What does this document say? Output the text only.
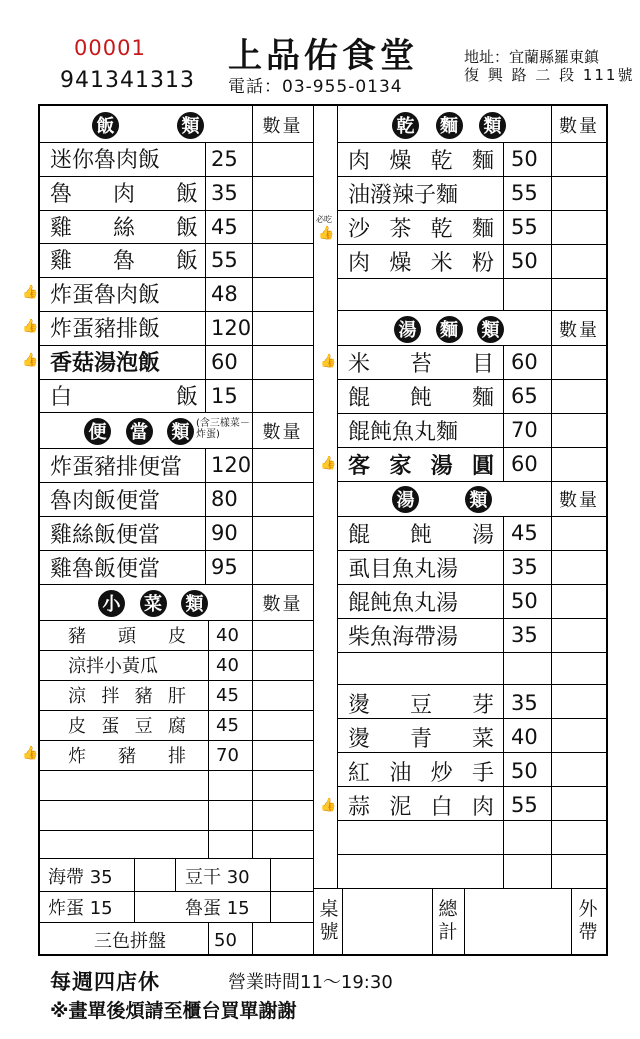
00001
941341313
上品佑食堂
電話：03-955-0134
地址：宜蘭縣羅東鎮
復 興 路 二 段 111號
飯	類	數量
迷你魯肉飯	25
魯 肉 飯 35
雞 絲 飯 45
雞 魯 飯 55
炸蛋魯肉飯	48
炸蛋豬排飯	120
香菇湯泡飯	60
白	飯 15
👍
👍
👍
便 當 類 (含三樣菜－炸蛋)	數量
炸蛋豬排便當	120
魯肉飯便當	80
雞絲飯便當	90
雞魯飯便當	95
小 菜 類	數量
豬 頭 皮 40
涼拌小黃瓜	40
涼 拌 豬 肝 45
皮 蛋 豆 腐 45
炸 豬 排 70
👍
海帶 35	豆干 30
炸蛋 15	魯蛋 15
三色拼盤	50
乾 麵 類	數量
肉 燥 乾 麵 50
油潑辣子麵	55
沙 茶 乾 麵 55
肉 燥 米 粉 50
必吃
👍
湯 麵 類	數量
米 苔 目 60
餛 飩 麵 65
餛飩魚丸麵	70
客 家 湯 圓 60
👍
👍
湯	類	數量
餛 飩 湯 45
虱目魚丸湯	35
餛飩魚丸湯	50
柴魚海帶湯	35
燙 豆 芽 35
燙 青 菜 40
紅 油 炒 手 50
蒜 泥 白 肉 55
👍
桌
號
總
計
外
帶
每週四店休	營業時間11～19:30
※畫單後煩請至櫃台買單謝謝
